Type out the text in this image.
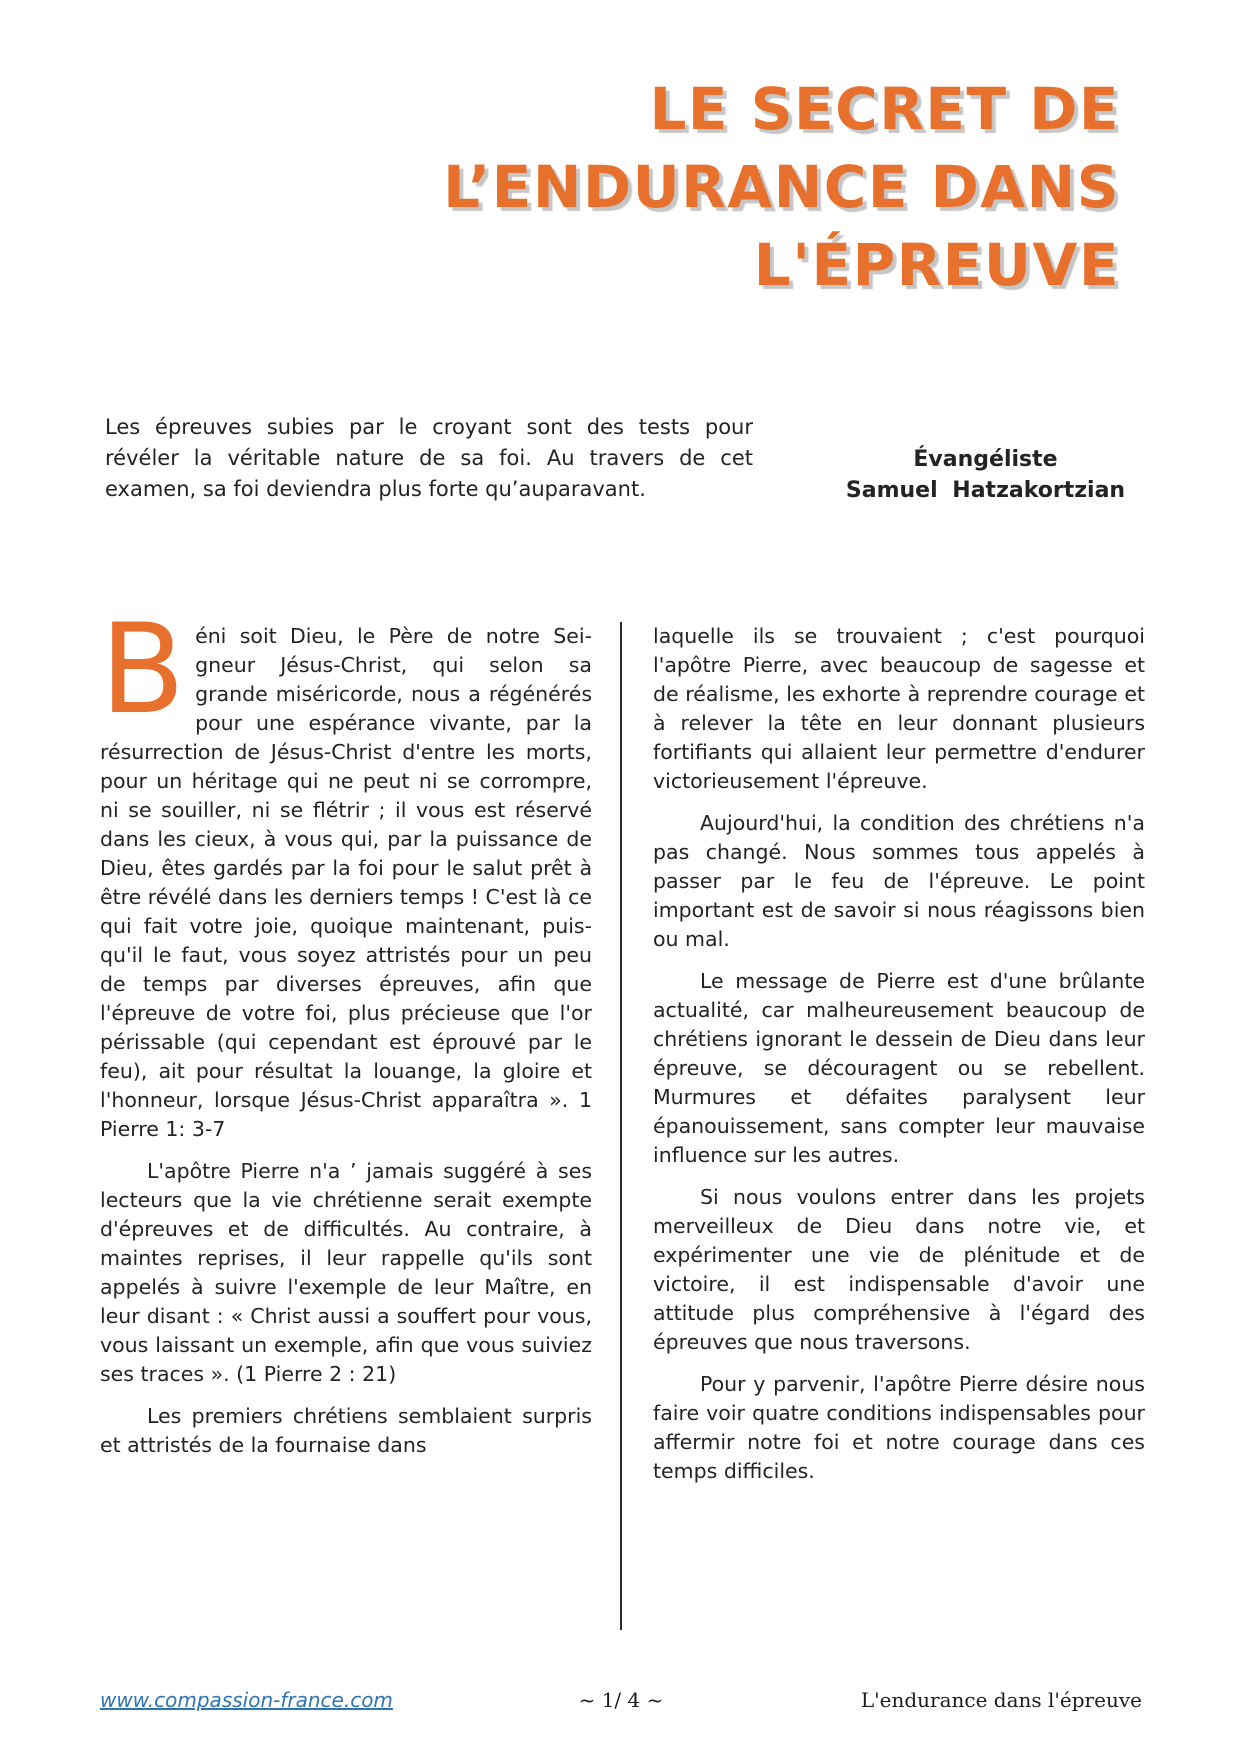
LE SECRET DE
L’ENDURANCE DANS
L'ÉPREUVE
Les épreuves subies par le croyant sont des tests pour révéler la véritable nature de sa foi. Au travers de cet examen, sa foi deviendra plus forte qu’auparavant.
Évangéliste
Samuel Hatzakortzian

Béni soit Dieu, le Père de notre Seigneur Jésus-Christ, qui selon sa grande miséricorde, nous a régénérés pour une espérance vivante, par la résurrection de Jésus-Christ d'entre les morts, pour un héritage qui ne peut ni se corrompre, ni se souiller, ni se flétrir ; il vous est réservé dans les cieux, à vous qui, par la puissance de Dieu, êtes gardés par la foi pour le salut prêt à être révélé dans les derniers temps ! C'est là ce qui fait votre joie, quoique maintenant, puisqu'il le faut, vous soyez attristés pour un peu de temps par diverses épreuves, afin que l'épreuve de votre foi, plus précieuse que l'or périssable (qui cependant est éprouvé par le feu), ait pour résultat la louange, la gloire et l'honneur, lorsque Jésus-Christ apparaîtra ». 1 Pierre 1: 3-7

L'apôtre Pierre n'a ’ jamais suggéré à ses lecteurs que la vie chrétienne serait exempte d'épreuves et de difficultés. Au contraire, à maintes reprises, il leur rappelle qu'ils sont appelés à suivre l'exemple de leur Maître, en leur disant : « Christ aussi a souffert pour vous, vous laissant un exemple, afin que vous suiviez ses traces ». (1 Pierre 2 : 21)

Les premiers chrétiens semblaient surpris et attristés de la fournaise dans

laquelle ils se trouvaient ; c'est pourquoi l'apôtre Pierre, avec beaucoup de sagesse et de réalisme, les exhorte à reprendre courage et à relever la tête en leur donnant plusieurs fortifiants qui allaient leur permettre d'endurer victorieusement l'épreuve.

Aujourd'hui, la condition des chrétiens n'a pas changé. Nous sommes tous appelés à passer par le feu de l'épreuve. Le point important est de savoir si nous réagissons bien ou mal.

Le message de Pierre est d'une brûlante actualité, car malheureusement beaucoup de chrétiens ignorant le dessein de Dieu dans leur épreuve, se découragent ou se rebellent. Murmures et défaites paralysent leur épanouissement, sans compter leur mauvaise influence sur les autres.

Si nous voulons entrer dans les projets merveilleux de Dieu dans notre vie, et expérimenter une vie de plénitude et de victoire, il est indispensable d'avoir une attitude plus compréhensive à l'égard des épreuves que nous traversons.

Pour y parvenir, l'apôtre Pierre désire nous faire voir quatre conditions indispensables pour affermir notre foi et notre courage dans ces temps difficiles.

www.compassion-france.com	~ 1/ 4 ~	L'endurance dans l'épreuve
